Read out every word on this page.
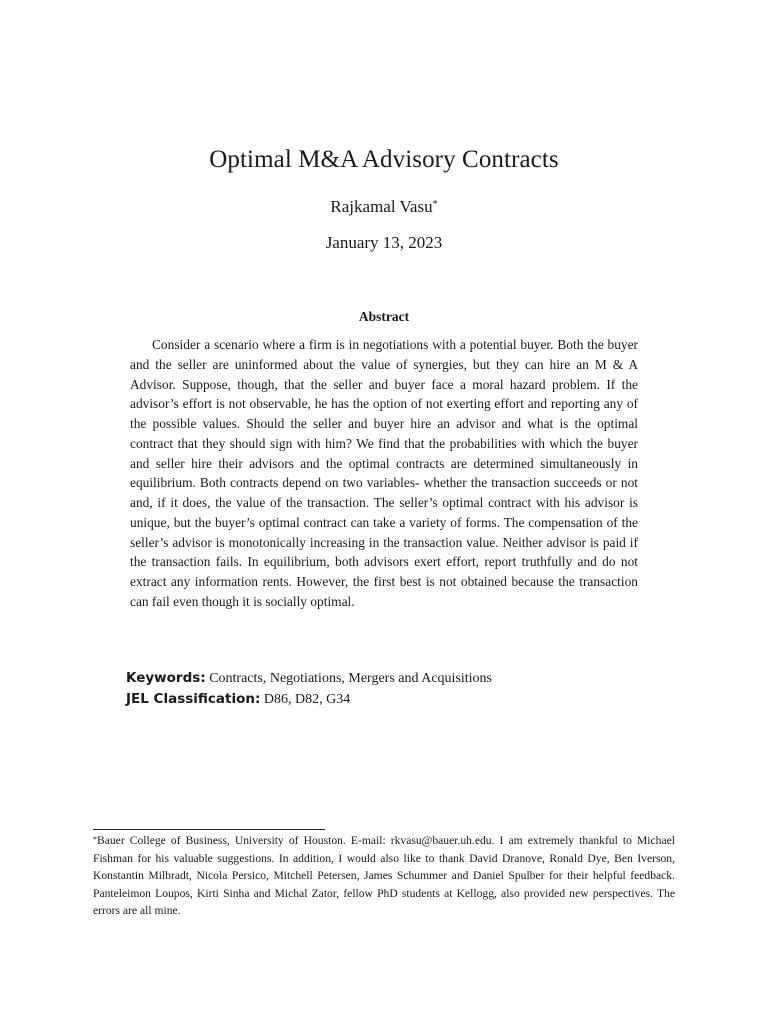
Optimal M&A Advisory Contracts
Rajkamal Vasu*
January 13, 2023
Abstract

Consider a scenario where a firm is in negotiations with a potential buyer. Both the buyer and the seller are uninformed about the value of synergies, but they can hire an M & A Advisor. Suppose, though, that the seller and buyer face a moral hazard problem. If the advisor’s effort is not observable, he has the option of not exerting effort and reporting any of the possible values. Should the seller and buyer hire an advisor and what is the optimal contract that they should sign with him? We find that the probabilities with which the buyer and seller hire their advisors and the optimal contracts are determined simultaneously in equilibrium. Both contracts depend on two variables- whether the transaction succeeds or not and, if it does, the value of the transaction. The seller’s optimal contract with his advisor is unique, but the buyer’s optimal contract can take a variety of forms. The compensation of the seller’s advisor is monotonically increasing in the transaction value. Neither advisor is paid if the transaction fails. In equilibrium, both advisors exert effort, report truthfully and do not extract any information rents. However, the first best is not obtained because the transaction can fail even though it is socially optimal.

Keywords: Contracts, Negotiations, Mergers and Acquisitions
JEL Classification: D86, D82, G34

*Bauer College of Business, University of Houston. E-mail: rkvasu@bauer.uh.edu. I am extremely thankful to Michael Fishman for his valuable suggestions. In addition, I would also like to thank David Dranove, Ronald Dye, Ben Iverson, Konstantin Milbradt, Nicola Persico, Mitchell Petersen, James Schummer and Daniel Spulber for their helpful feedback. Panteleimon Loupos, Kirti Sinha and Michal Zator, fellow PhD students at Kellogg, also provided new perspectives. The errors are all mine.
